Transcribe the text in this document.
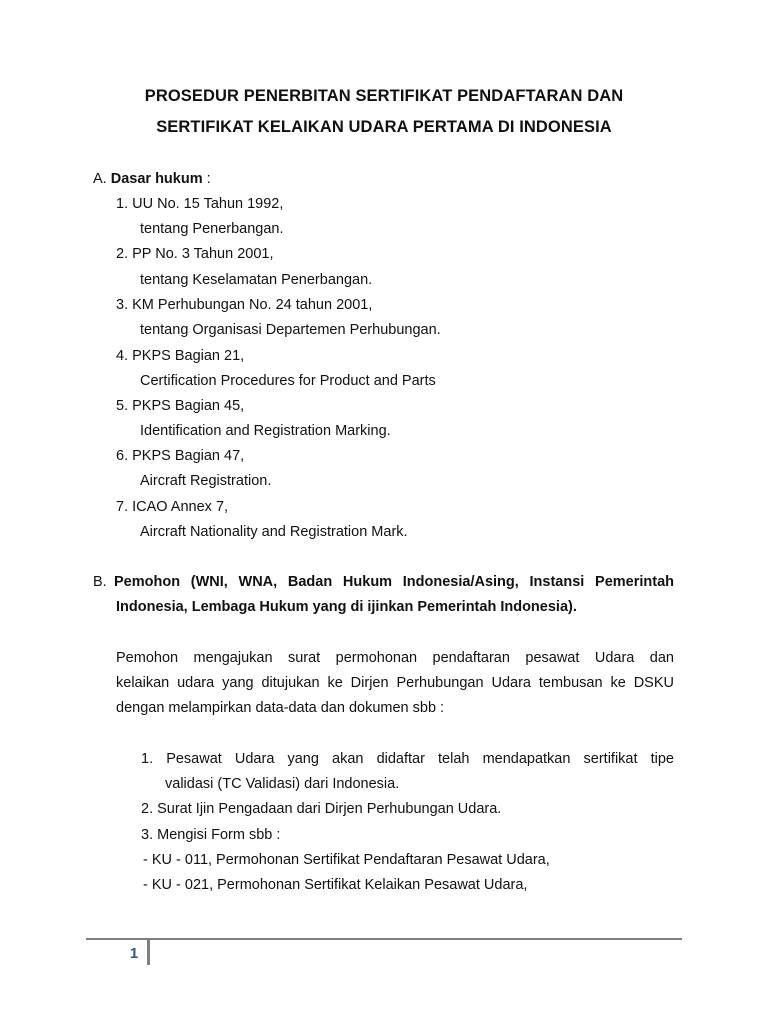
PROSEDUR PENERBITAN SERTIFIKAT PENDAFTARAN DAN
SERTIFIKAT KELAIKAN UDARA PERTAMA DI INDONESIA
A. Dasar hukum :
1. UU No. 15 Tahun 1992,
tentang Penerbangan.
2. PP No. 3 Tahun 2001,
tentang Keselamatan Penerbangan.
3. KM Perhubungan No. 24 tahun 2001,
tentang Organisasi Departemen Perhubungan.
4. PKPS Bagian 21,
Certification Procedures for Product and Parts
5. PKPS Bagian 45,
Identification and Registration Marking.
6. PKPS Bagian 47,
Aircraft Registration.
7. ICAO Annex 7,
Aircraft Nationality and Registration Mark.
B. Pemohon (WNI, WNA, Badan Hukum Indonesia/Asing, Instansi Pemerintah
Indonesia, Lembaga Hukum yang di ijinkan Pemerintah Indonesia).
Pemohon mengajukan surat permohonan pendaftaran pesawat Udara dan
kelaikan udara yang ditujukan ke Dirjen Perhubungan Udara tembusan ke DSKU
dengan melampirkan data-data dan dokumen sbb :
1. Pesawat Udara yang akan didaftar telah mendapatkan sertifikat tipe
validasi (TC Validasi) dari Indonesia.
2. Surat Ijin Pengadaan dari Dirjen Perhubungan Udara.
3. Mengisi Form sbb :
- KU - 011, Permohonan Sertifikat Pendaftaran Pesawat Udara,
- KU - 021, Permohonan Sertifikat Kelaikan Pesawat Udara,
1
